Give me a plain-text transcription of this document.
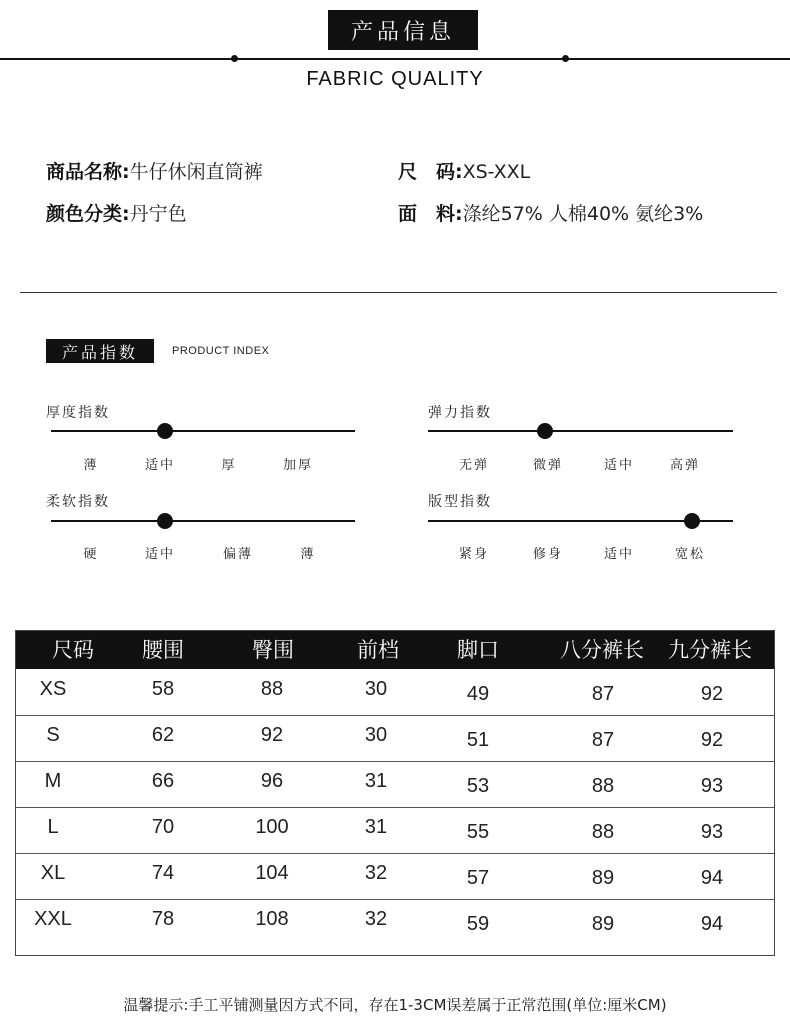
产品信息
FABRIC QUALITY
商品名称:牛仔休闲直筒裤	尺　码:XS-XXL
颜色分类:丹宁色	面　料:涤纶57% 人棉40% 氨纶3%
产品指数	PRODUCT INDEX
厚度指数
薄	适中	厚	加厚
弹力指数
无弹	微弹	适中	高弹
柔软指数
硬	适中	偏薄	薄
版型指数
紧身	修身	适中	宽松
尺码	腰围	臀围	前档	脚口	八分裤长	九分裤长
XS	58	88	30	49	87	92
S	62	92	30	51	87	92
M	66	96	31	53	88	93
L	70	100	31	55	88	93
XL	74	104	32	57	89	94
XXL	78	108	32	59	89	94
温馨提示:手工平铺测量因方式不同，存在1-3CM误差属于正常范围(单位:厘米CM)
